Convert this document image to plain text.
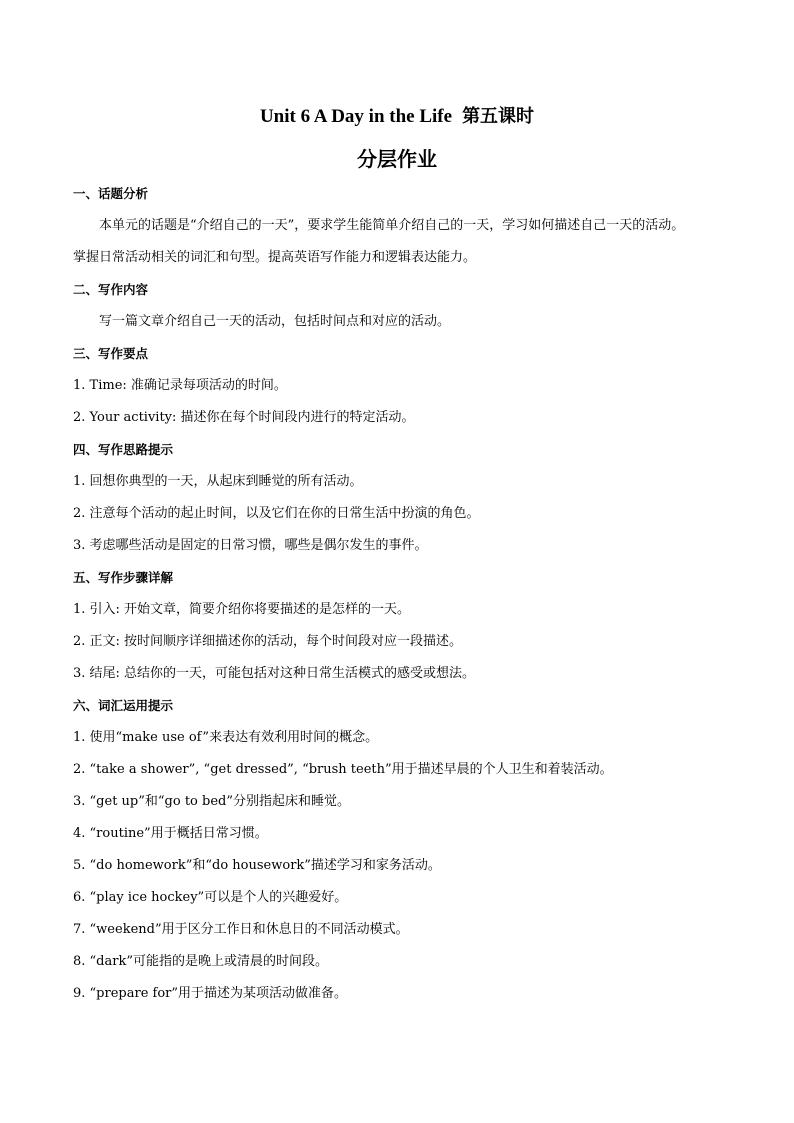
Unit 6 A Day in the Life 第五课时
分层作业
一、话题分析
本单元的话题是“介绍自己的一天”，要求学生能简单介绍自己的一天，学习如何描述自己一天的活动。
掌握日常活动相关的词汇和句型。提高英语写作能力和逻辑表达能力。
二、写作内容
写一篇文章介绍自己一天的活动，包括时间点和对应的活动。
三、写作要点
1. Time: 准确记录每项活动的时间。
2. Your activity: 描述你在每个时间段内进行的特定活动。
四、写作思路提示
1. 回想你典型的一天，从起床到睡觉的所有活动。
2. 注意每个活动的起止时间，以及它们在你的日常生活中扮演的角色。
3. 考虑哪些活动是固定的日常习惯，哪些是偶尔发生的事件。
五、写作步骤详解
1. 引入: 开始文章，简要介绍你将要描述的是怎样的一天。
2. 正文: 按时间顺序详细描述你的活动，每个时间段对应一段描述。
3. 结尾: 总结你的一天，可能包括对这种日常生活模式的感受或想法。
六、词汇运用提示
1. 使用“make use of”来表达有效利用时间的概念。
2. “take a shower”, “get dressed”, “brush teeth”用于描述早晨的个人卫生和着装活动。
3. “get up”和“go to bed”分别指起床和睡觉。
4. “routine”用于概括日常习惯。
5. “do homework”和“do housework”描述学习和家务活动。
6. “play ice hockey”可以是个人的兴趣爱好。
7. “weekend”用于区分工作日和休息日的不同活动模式。
8. “dark”可能指的是晚上或清晨的时间段。
9. “prepare for”用于描述为某项活动做准备。
